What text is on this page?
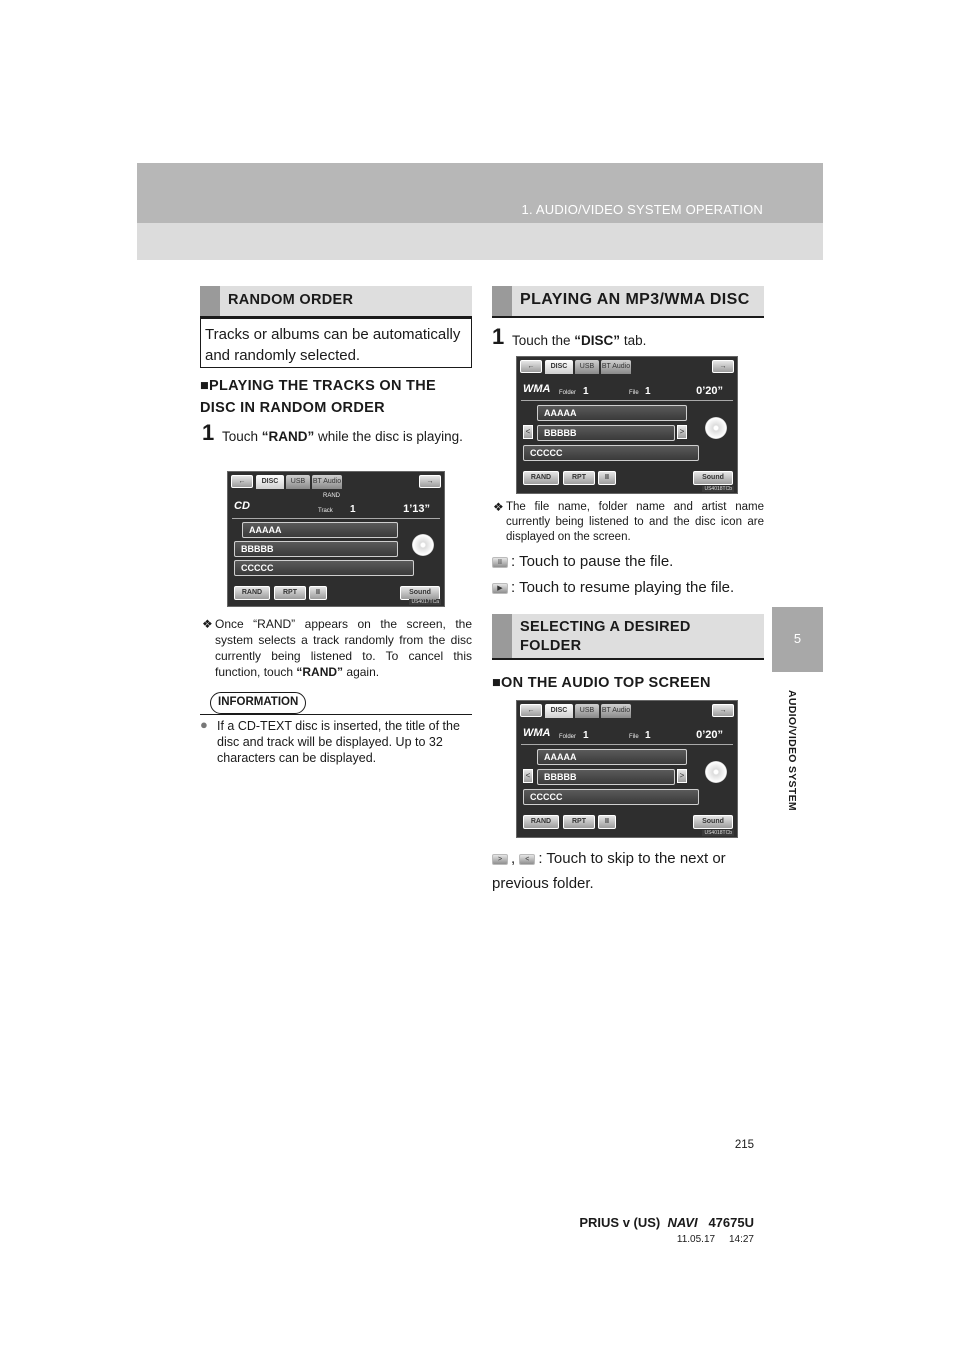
1. AUDIO/VIDEO SYSTEM OPERATION
5
AUDIO/VIDEO SYSTEM
RANDOM ORDER
Tracks or albums can be automatically and randomly selected.
■PLAYING THE TRACKS ON THE DISC IN RANDOM ORDER
1 Touch “RAND” while the disc is playing.
←	DISC	USB	BT Audio	→
RAND
CD	Track 1	1’13”
AAAAA
BBBBB
CCCCC
RAND	RPT	II	Sound
US4017TCa
❖ Once “RAND” appears on the screen, the system selects a track randomly from the disc currently being listened to. To cancel this function, touch “RAND” again.
INFORMATION
● If a CD-TEXT disc is inserted, the title of the disc and track will be displayed. Up to 32 characters can be displayed.
PLAYING AN MP3/WMA DISC
1 Touch the “DISC” tab.
←	DISC	USB	BT Audio	→
WMA Folder 1	File 1	0’20”
AAAAA
<	BBBBB	>
CCCCC
RAND	RPT	II	Sound
US4018TCb
❖ The file name, folder name and artist name currently being listened to and the disc icon are displayed on the screen.
II : Touch to pause the file.
▶ : Touch to resume playing the file.
SELECTING A DESIRED FOLDER
■ON THE AUDIO TOP SCREEN
←	DISC	USB	BT Audio	→
WMA Folder 1	File 1	0’20”
AAAAA
<	BBBBB	>
CCCCC
RAND	RPT	II	Sound
US4018TCb
> , < : Touch to skip to the next or previous folder.
215
PRIUS v (US) NAVI 47675U
11.05.17     14:27
